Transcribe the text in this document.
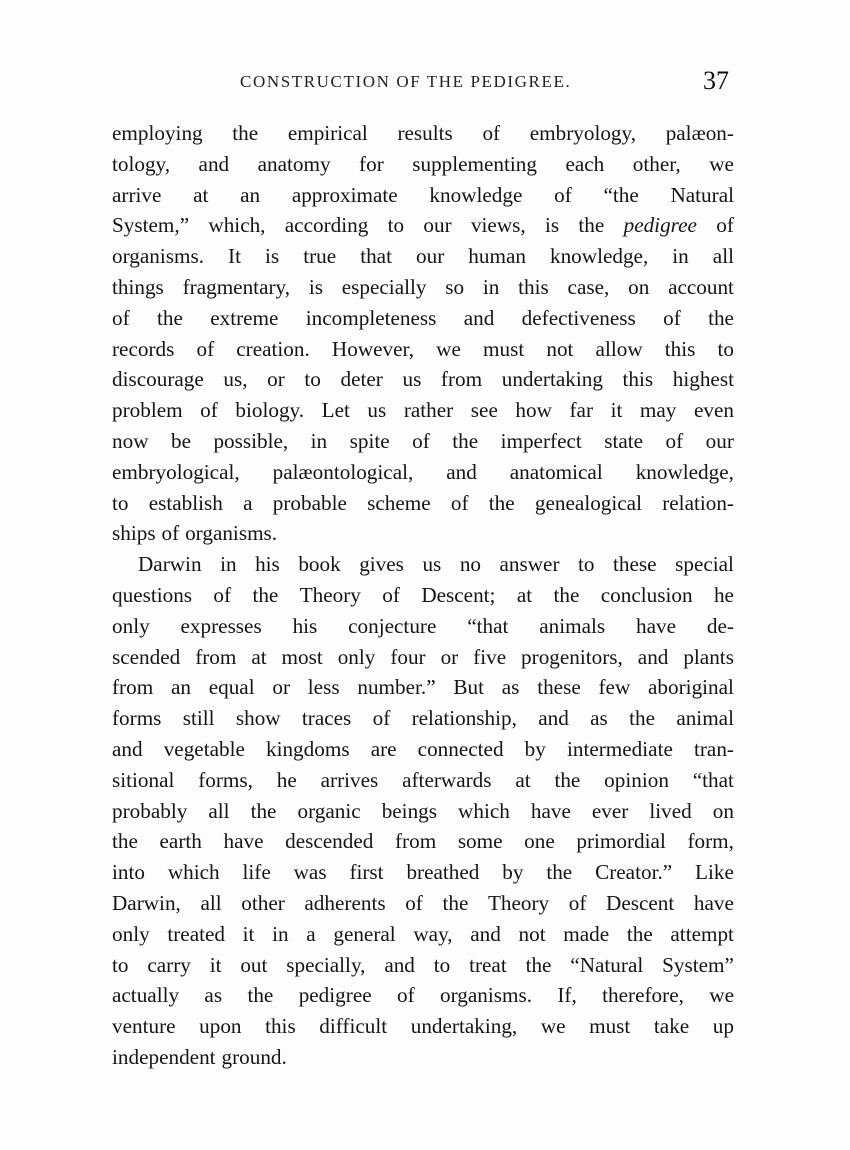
CONSTRUCTION OF THE PEDIGREE.	37
employing the empirical results of embryology, palæon-
tology, and anatomy for supplementing each other, we
arrive at an approximate knowledge of “the Natural
System,” which, according to our views, is the pedigree of
organisms. It is true that our human knowledge, in all
things fragmentary, is especially so in this case, on account
of the extreme incompleteness and defectiveness of the
records of creation. However, we must not allow this to
discourage us, or to deter us from undertaking this highest
problem of biology. Let us rather see how far it may even
now be possible, in spite of the imperfect state of our
embryological, palæontological, and anatomical knowledge,
to establish a probable scheme of the genealogical relation-
ships of organisms.
Darwin in his book gives us no answer to these special
questions of the Theory of Descent; at the conclusion he
only expresses his conjecture “that animals have de-
scended from at most only four or five progenitors, and plants
from an equal or less number.” But as these few aboriginal
forms still show traces of relationship, and as the animal
and vegetable kingdoms are connected by intermediate tran-
sitional forms, he arrives afterwards at the opinion “that
probably all the organic beings which have ever lived on
the earth have descended from some one primordial form,
into which life was first breathed by the Creator.” Like
Darwin, all other adherents of the Theory of Descent have
only treated it in a general way, and not made the attempt
to carry it out specially, and to treat the “Natural System”
actually as the pedigree of organisms. If, therefore, we
venture upon this difficult undertaking, we must take up
independent ground.
